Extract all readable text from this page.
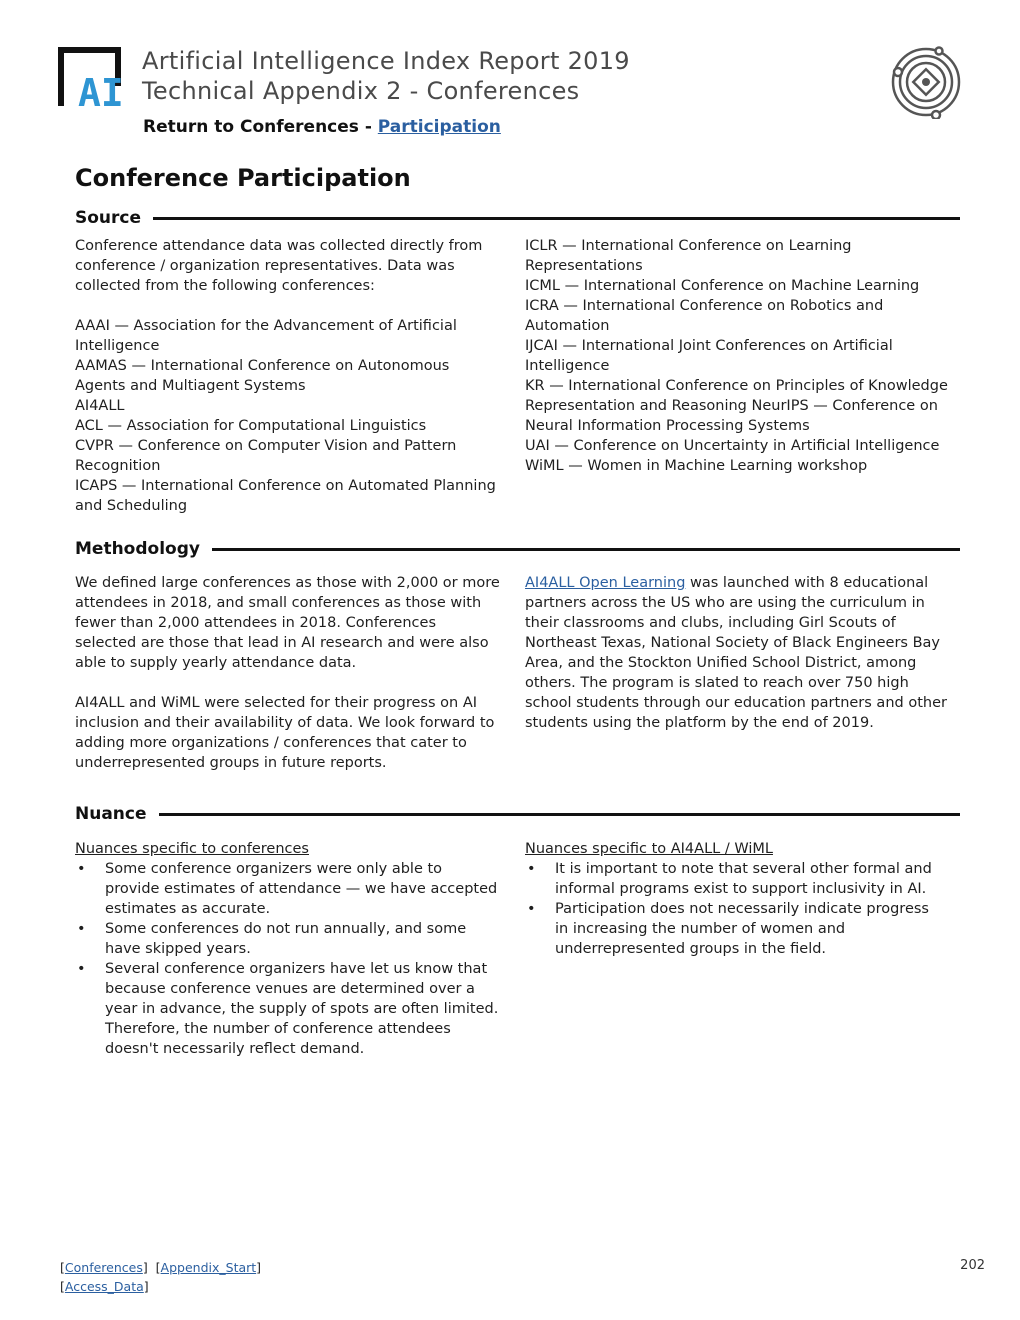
AI
Artificial Intelligence Index Report 2019
Technical Appendix 2 - Conferences
Return to Conferences - Participation
Conference Participation
Source

Conference attendance data was collected directly from conference / organization representatives. Data was collected from the following conferences:

AAAI — Association for the Advancement of Artificial Intelligence
AAMAS — International Conference on Autonomous Agents and Multiagent Systems
AI4ALL
ACL — Association for Computational Linguistics
CVPR — Conference on Computer Vision and Pattern Recognition
ICAPS — International Conference on Automated Planning and Scheduling
ICLR — International Conference on Learning Representations
ICML — International Conference on Machine Learning
ICRA — International Conference on Robotics and Automation
IJCAI — International Joint Conferences on Artificial Intelligence
KR — International Conference on Principles of Knowledge Representation and Reasoning NeurIPS — Conference on Neural Information Processing Systems
UAI — Conference on Uncertainty in Artificial Intelligence
WiML — Women in Machine Learning workshop
Methodology

We defined large conferences as those with 2,000 or more attendees in 2018, and small conferences as those with fewer than 2,000 attendees in 2018. Conferences selected are those that lead in AI research and were also able to supply yearly attendance data.

AI4ALL and WiML were selected for their progress on AI inclusion and their availability of data. We look forward to adding more organizations / conferences that cater to underrepresented groups in future reports.

AI4ALL Open Learning was launched with 8 educational partners across the US who are using the curriculum in their classrooms and clubs, including Girl Scouts of Northeast Texas, National Society of Black Engineers Bay Area, and the Stockton Unified School District, among others. The program is slated to reach over 750 high school students through our education partners and other students using the platform by the end of 2019.

Nuance

Nuances specific to conferences

• Some conference organizers were only able to provide estimates of attendance — we have accepted estimates as accurate.
• Some conferences do not run annually, and some have skipped years.
• Several conference organizers have let us know that because conference venues are determined over a year in advance, the supply of spots are often limited. Therefore, the number of conference attendees doesn't necessarily reflect demand.

Nuances specific to AI4ALL / WiML

• It is important to note that several other formal and informal programs exist to support inclusivity in AI.
• Participation does not necessarily indicate progress in increasing the number of women and underrepresented groups in the field.
[Conferences]  [Appendix_Start]
[Access_Data]
202
